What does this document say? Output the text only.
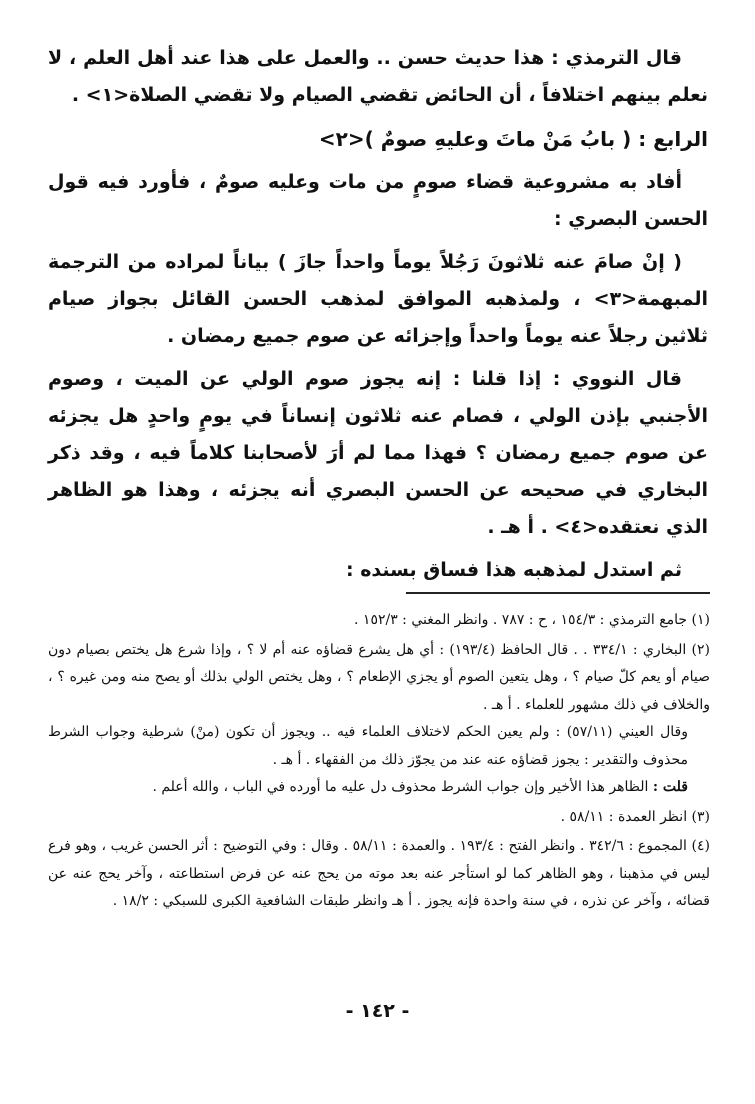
قال الترمذي : هذا حديث حسن .. والعمل على هذا عند أهل العلم ، لا نعلم بينهم اختلافاً ، أن الحائض تقضي الصيام ولا تقضي الصلاة<١> .

الرابع : ( بابُ مَنْ ماتَ وعليهِ صومٌ )<٢>

أفاد به مشروعية قضاء صومٍ من مات وعليه صومٌ ، فأورد فيه قول الحسن البصري :

( إنْ صامَ عنه ثلاثونَ رَجُلاً يوماً واحداً جازَ ) بياناً لمراده من الترجمة المبهمة<٣> ، ولمذهبه الموافق لمذهب الحسن القائل بجواز صيام ثلاثين رجلاً عنه يوماً واحداً وإجزائه عن صوم جميع رمضان .

قال النووي : إذا قلنا : إنه يجوز صوم الولي عن الميت ، وصوم الأجنبي بإذن الولي ، فصام عنه ثلاثون إنساناً في يومٍ واحدٍ هل يجزئه عن صوم جميع رمضان ؟ فهذا مما لم أرَ لأصحابنا كلاماً فيه ، وقد ذكر البخاري في صحيحه عن الحسن البصري أنه يجزئه ، وهذا هو الظاهر الذي نعتقده<٤> . أ هـ .

ثم استدل لمذهبه هذا فساق بسنده :

(١) جامع الترمذي : ١٥٤/٣ ، ح : ٧٨٧ . وانظر المغني : ١٥٢/٣ .

(٢) البخاري : ٣٣٤/١ . . قال الحافظ (١٩٣/٤) : أي هل يشرع قضاؤه عنه أم لا ؟ ، وإذا شرع هل يختص بصيام دون صيام أو يعم كلّ صيام ؟ ، وهل يتعين الصوم أو يجزي الإطعام ؟ ، وهل يختص الولي بذلك أو يصح منه ومن غيره ؟ ، والخلاف في ذلك مشهور للعلماء . أ هـ .
وقال العيني (٥٧/١١) : ولم يعين الحكم لاختلاف العلماء فيه .. ويجوز أن تكون (منْ) شرطية وجواب الشرط محذوف والتقدير : يجوز قضاؤه عنه عند من يجوّز ذلك من الفقهاء . أ هـ .
قلت : الظاهر هذا الأخير وإن جواب الشرط محذوف دل عليه ما أورده في الباب ، والله أعلم .

(٣) انظر العمدة : ٥٨/١١ .

(٤) المجموع : ٣٤٢/٦ . وانظر الفتح : ١٩٣/٤ . والعمدة : ٥٨/١١ . وقال : وفي التوضيح : أثر الحسن غريب ، وهو فرع ليس في مذهبنا ، وهو الظاهر كما لو استأجر عنه بعد موته من يحج عنه عن فرض استطاعته ، وآخر يحج عنه عن قضائه ، وآخر عن نذره ، في سنة واحدة فإنه يجوز . أ هـ وانظر طبقات الشافعية الكبرى للسبكي : ١٨/٢ .

- ١٤٢ -
